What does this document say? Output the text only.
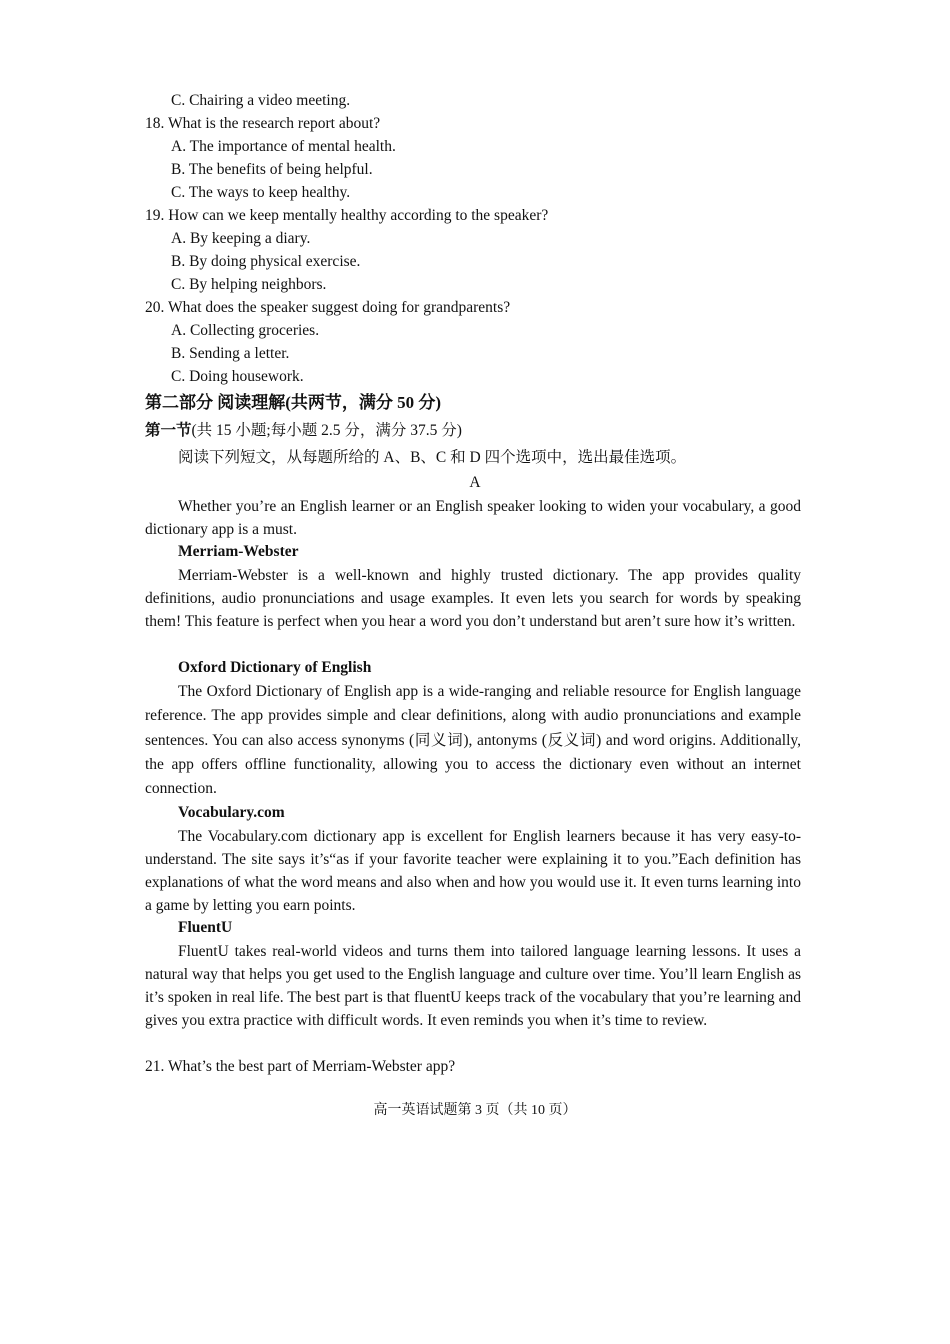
C. Chairing a video meeting.
18. What is the research report about?
A. The importance of mental health.
B. The benefits of being helpful.
C. The ways to keep healthy.
19. How can we keep mentally healthy according to the speaker?
A. By keeping a diary.
B. By doing physical exercise.
C. By helping neighbors.
20. What does the speaker suggest doing for grandparents?
A. Collecting groceries.
B. Sending a letter.
C. Doing housework.
第二部分 阅读理解(共两节，满分 50 分)
第一节(共 15 小题;每小题 2.5 分，满分 37.5 分)
阅读下列短文，从每题所给的 A、B、C 和 D 四个选项中，选出最佳选项。
A
Whether you’re an English learner or an English speaker looking to widen your vocabulary, a good dictionary app is a must.
Merriam-Webster
Merriam-Webster is a well-known and highly trusted dictionary. The app provides quality definitions, audio pronunciations and usage examples. It even lets you search for words by speaking them! This feature is perfect when you hear a word you don’t understand but aren’t sure how it’s written.
Oxford Dictionary of English
The Oxford Dictionary of English app is a wide-ranging and reliable resource for English language reference. The app provides simple and clear definitions, along with audio pronunciations and example sentences. You can also access synonyms (同义词), antonyms (反义词) and word origins. Additionally, the app offers offline functionality, allowing you to access the dictionary even without an internet connection.
Vocabulary.com
The Vocabulary.com dictionary app is excellent for English learners because it has very easy-to-understand. The site says it’s“as if your favorite teacher were explaining it to you.”Each definition has explanations of what the word means and also when and how you would use it. It even turns learning into a game by letting you earn points.
FluentU
FluentU takes real-world videos and turns them into tailored language learning lessons. It uses a natural way that helps you get used to the English language and culture over time. You’ll learn English as it’s spoken in real life. The best part is that fluentU keeps track of the vocabulary that you’re learning and gives you extra practice with difficult words. It even reminds you when it’s time to review.
21. What’s the best part of Merriam-Webster app?
高一英语试题第 3 页（共 10 页）
